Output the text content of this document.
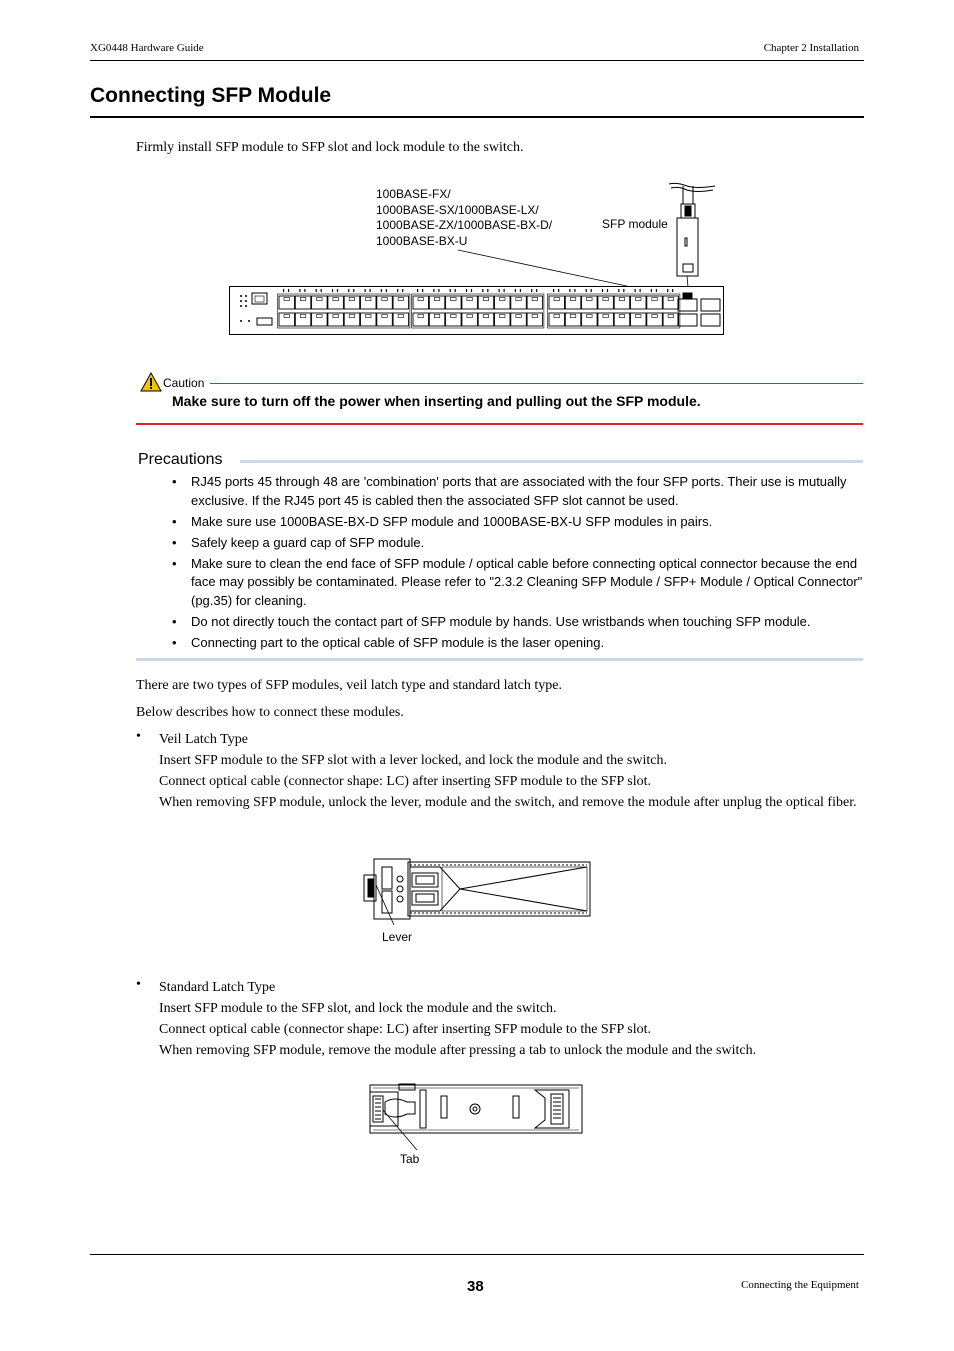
XG0448 Hardware Guide	Chapter 2 Installation
Connecting SFP Module
Firmly install SFP module to SFP slot and lock module to the switch.
100BASE-FX/
1000BASE-SX/1000BASE-LX/
1000BASE-ZX/1000BASE-BX-D/
1000BASE-BX-U
SFP module
Caution
Make sure to turn off the power when inserting and pulling out the SFP module.
Precautions
• RJ45 ports 45 through 48 are 'combination' ports that are associated with the four SFP ports. Their use is mutually exclusive. If the RJ45 port 45 is cabled then the associated SFP slot cannot be used.
• Make sure use 1000BASE-BX-D SFP module and 1000BASE-BX-U SFP modules in pairs.
• Safely keep a guard cap of SFP module.
• Make sure to clean the end face of SFP module / optical cable before connecting optical connector because the end face may possibly be contaminated. Please refer to "2.3.2 Cleaning SFP Module / SFP+ Module / Optical Connector" (pg.35) for cleaning.
• Do not directly touch the contact part of SFP module by hands. Use wristbands when touching SFP module.
• Connecting part to the optical cable of SFP module is the laser opening.
There are two types of SFP modules, veil latch type and standard latch type.
Below describes how to connect these modules.
• Veil Latch Type
Insert SFP module to the SFP slot with a lever locked, and lock the module and the switch.
Connect optical cable (connector shape: LC) after inserting SFP module to the SFP slot.
When removing SFP module, unlock the lever, module and the switch, and remove the module after unplug the optical fiber.
Lever
• Standard Latch Type
Insert SFP module to the SFP slot, and lock the module and the switch.
Connect optical cable (connector shape: LC) after inserting SFP module to the SFP slot.
When removing SFP module, remove the module after pressing a tab to unlock the module and the switch.
Tab
38	Connecting the Equipment
